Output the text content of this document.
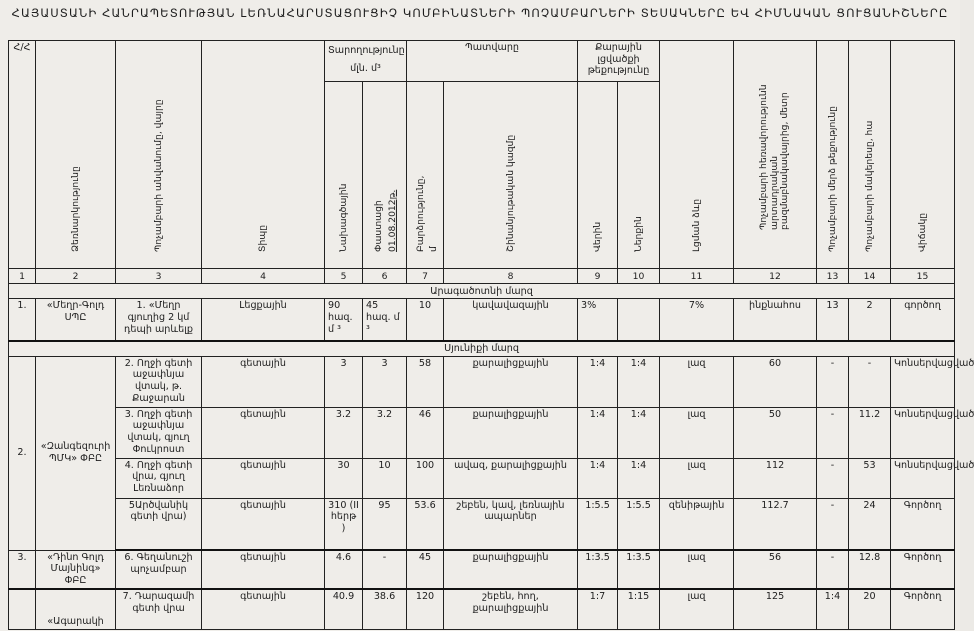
ՀԱՅԱՍՏԱՆԻ ՀԱՆՐԱՊԵՏՈՒԹՅԱՆ ԼԵՌՆԱՀԱՐՍՏԱՑՈՒՑԻՉ ԿՈՄԲԻՆԱՏՆԵՐԻ ՊՈՉԱՄԲԱՐՆԵՐԻ ՏԵՍԱԿՆԵՐԸ ԵՎ ՀԻՄՆԱԿԱՆ ՑՈՒՑԱՆԻՇՆԵՐԸ
Հ/Հ	Ձեռնարկությունը	Պոչամբարի անվանումը, վայրը	Տիպը	Տարողությունը
մլն. մ³		Պատվարը		Քարային լցվածքի թեքությունը		Լցման ձևը	Պոչամբարի հեռավորությունն արտադրական բազմաբնակավայրից, մետր	Պոչամբարի մերձ թեքությունը	Պոչամբարի մակերեսը, հա	Վիճակը

				Նախագծային	Փաստացի 01.08.2012թ.	Բարձրությունը, մ	Շինանյութական կազմը	Վերին	Ներքին					

1	2	3	4	5	6	7	8	9	10	11	12	13	14	15
Արագածոտնի մարզ														
1.	«Մեղր-Գոլդ ՍՊԸ	1. «Մեղր գյուղից 2 կմ դեպի արևելք	Լեցքային	90 հազ. մ ³	45 հազ. մ ³	10	կավավազային	3%		7%	ինքնահոս	13	2	գործող
Սյունիքի մարզ														
2.	«Զանգեզուրի ՊՄԿ» ՓԲԸ	2. Ողջի գետի աջափնյա վտակ, թ. Քաջարան	գետային	3	3	58	քարալիցքային	1:4	1:4	լազ	60	-	-	Կոնսերվացված
		3. Ողջի գետի աջափնյա վտակ, գյուղ Փուկրոստ	գետային	3.2	3.2	46	քարալիցքային	1:4	1:4	լազ	50	-	11.2	Կոնսերվացված
		4. Ողջի գետի վրա, գյուղ Լեռնաձոր	գետային	30	10	100	ավազ, քարալիցքային	1:4	1:4	լազ	112	-	53	Կոնսերվացված
		5Արծվանիկ գետի վրա)	գետային	310 (II հերթ )	95	53.6	շեբեն, կավ, լեռնային ապարներ	1:5.5	1:5.5	զենիթային	112.7	-	24	Գործող
3.	«Դինո Գոլդ Մայնինգ» ՓԲԸ	6. Գեղանուշի պոչամբար	գետային	4.6	-	45	քարալիցքային	1:3.5	1:3.5	լազ	56	-	12.8	Գործող
	«Ագարակի	7. Դարազամի գետի վրա	գետային	40.9	38.6	120	շեբեն, հող, քարալիցքային	1:7	1:15	լազ	125	1:4	20	Գործող
